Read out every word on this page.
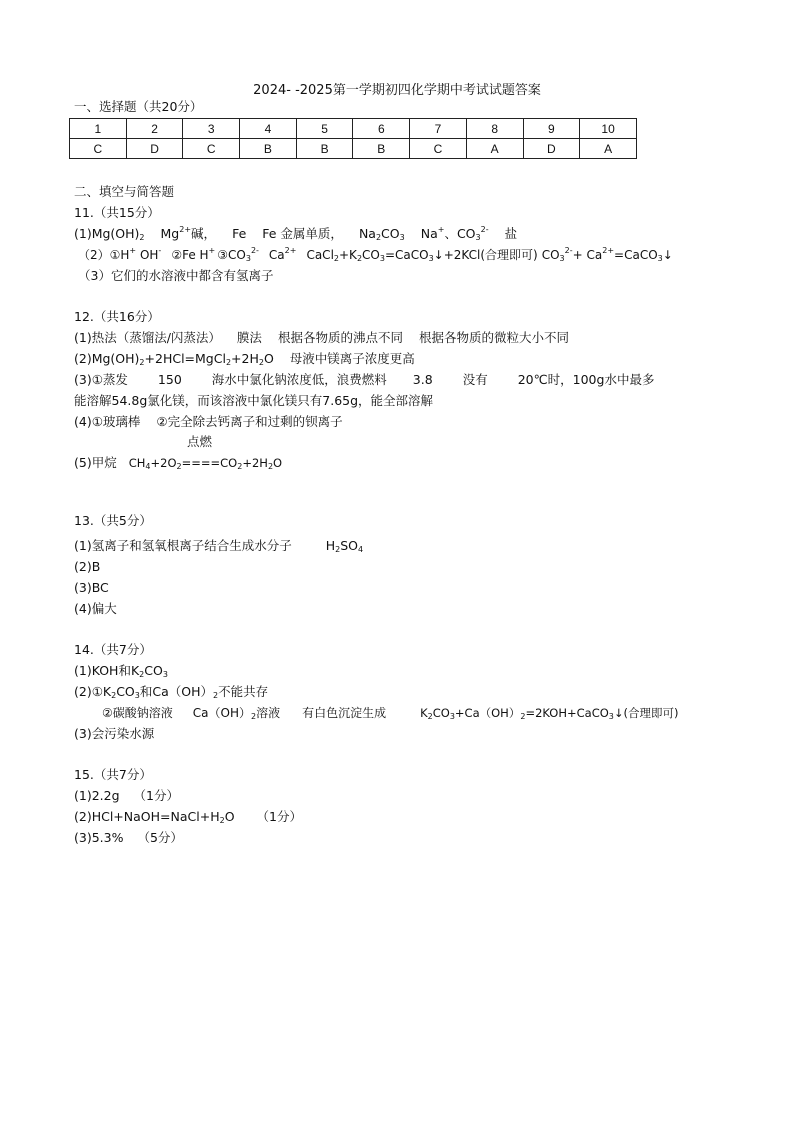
2024- -2025第一学期初四化学期中考试试题答案
一、选择题（共20分）
1	2	3	4	5	6	7	8	9	10
C	D	C	B	B	B	C	A	D	A
二、填空与简答题
11.（共15分）
$(1)Mg(OH)_2$ $Mg^{2+}$碱， Fe Fe 金属单质， $Na_2CO_3$ Na+、$CO_3^{2-}$ 盐
（2）①H+ OH- ②Fe H+ $③CO_3^{2-}$ $Ca^{2+}$ $CaCl_2+K_2CO_3=CaCO_3↓+2KCl$(合理即可) $CO_3^{2-}+$ $Ca^{2+}=CaCO_3↓$
（3）它们的水溶液中都含有氢离子
12.（共16分）
(1)热法（蒸馏法/闪蒸法） 膜法 根据各物质的沸点不同 根据各物质的微粒大小不同
$(2)Mg(OH)_2+2HCl=MgCl_2+2H_2O$ 母液中镁离子浓度更高
(3)①蒸发 150 海水中氯化钠浓度低，浪费燃料 3.8 没有 20℃时，100g水中最多
能溶解54.8g氯化镁，而该溶液中氯化镁只有7.65g，能全部溶解
(4)①玻璃棒 ②完全除去钙离子和过剩的钡离子
点燃
(5)甲烷 $CH_4+2O_2====CO_2+2H_2O$
13.（共5分）
(1)氢离子和氢氧根离子结合生成水分子	$H_2SO_4$
(2)B
(3)BC
(4)偏大
14.（共7分）
(1)KOH和$K_2CO_3$
$(2)①K_2CO_3$和$Ca(OH)_2$不能共存
②碳酸钠溶液 $Ca(OH)_2$溶液 有白色沉淀生成	$K_2CO_3+Ca(OH)_2=2KOH+CaCO_3↓$(合理即可)
(3)会污染水源
15.（共7分）
(1)2.2g （1分）
$(2)HCl+NaOH=NaCl+H_2O$ （1分）
(3)5.3% （5分）
